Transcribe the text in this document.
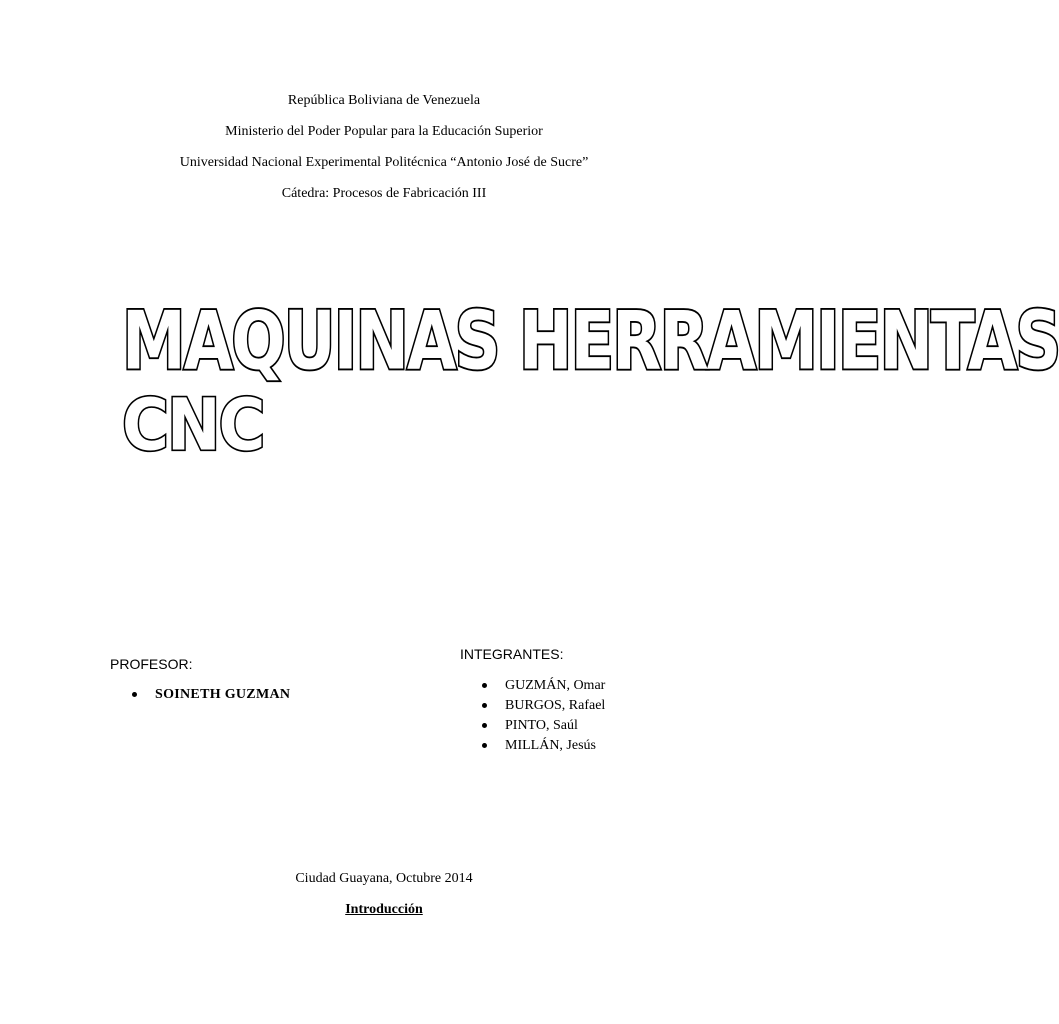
República Boliviana de Venezuela
Ministerio del Poder Popular para la Educación Superior
Universidad Nacional Experimental Politécnica “Antonio José de Sucre”
Cátedra: Procesos de Fabricación III
MAQUINAS HERRAMIENTAS
CNC
PROFESOR:
SOINETH GUZMAN
INTEGRANTES:
GUZMÁN, Omar
BURGOS, Rafael
PINTO, Saúl
MILLÁN, Jesús
Ciudad Guayana, Octubre 2014
Introducción
